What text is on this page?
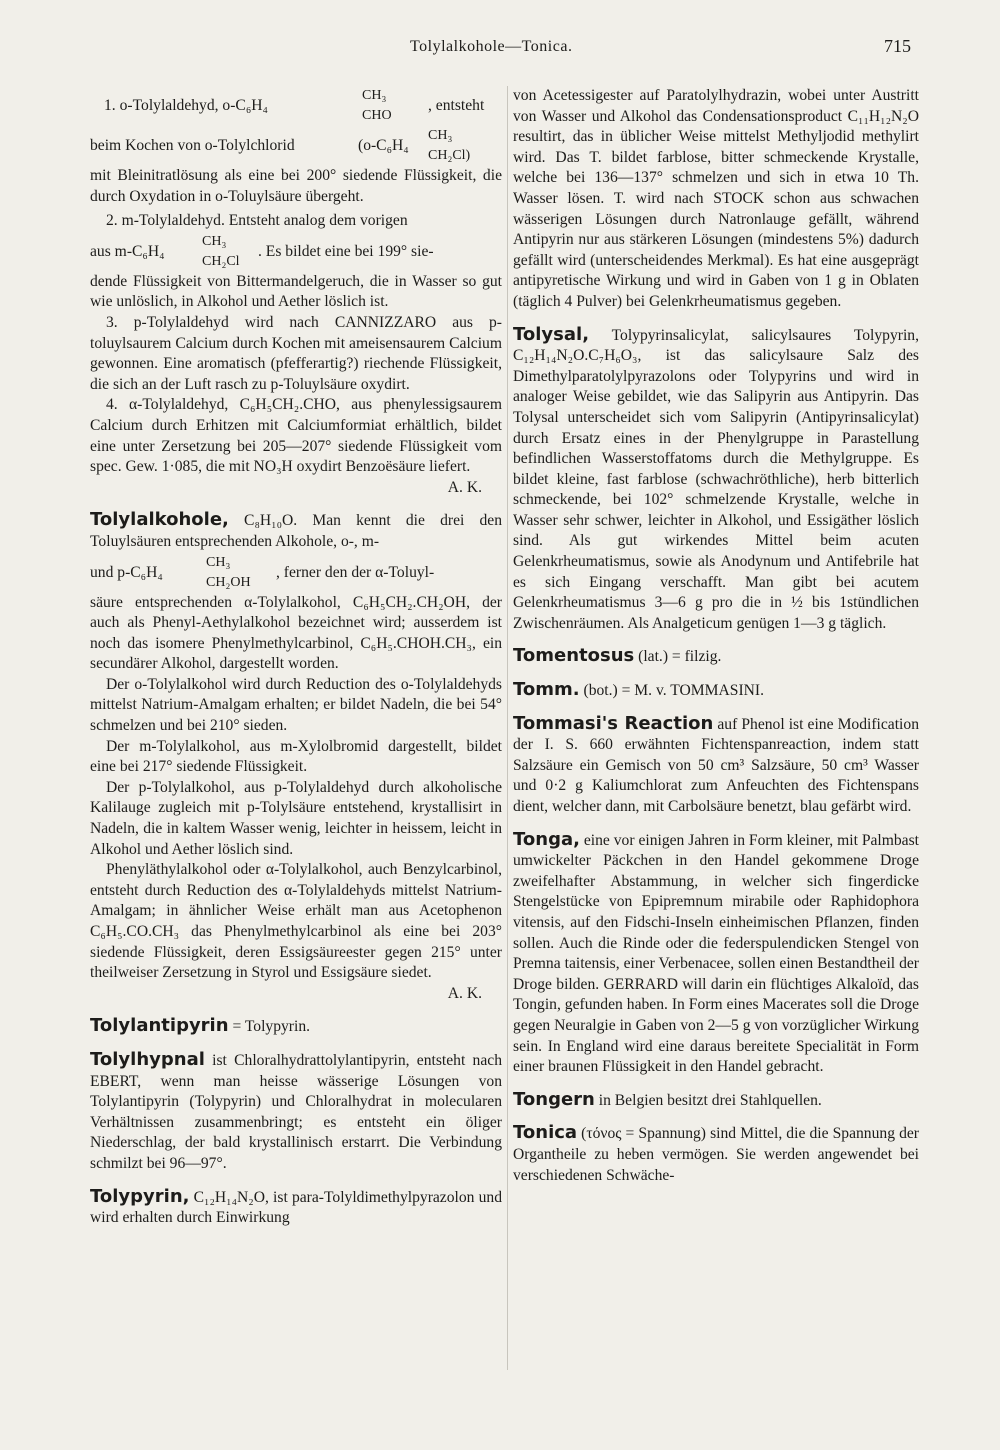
Tolylalkohole—Tonica.	715
1. o-Tolylaldehyd, o-C₆H₄
CH₃
CHO
, entsteht
beim Kochen von o-Tolylchlorid	(o-C₆H₄
CH₃
CH₂Cl)

mit Bleinitratlösung als eine bei 200° siedende Flüssigkeit, die durch Oxydation in o-Toluylsäure übergeht.

2. m-Tolylaldehyd. Entsteht analog dem vorigen

aus m-C₆H₄
CH₃
CH₂Cl
. Es bildet eine bei 199° sie-

dende Flüssigkeit von Bittermandelgeruch, die in Wasser so gut wie unlöslich, in Alkohol und Aether löslich ist.

3. p-Tolylaldehyd wird nach CANNIZZARO aus p-toluylsaurem Calcium durch Kochen mit ameisensaurem Calcium gewonnen. Eine aromatisch (pfefferartig?) riechende Flüssigkeit, die sich an der Luft rasch zu p-Toluylsäure oxydirt.

4. α-Tolylaldehyd, C₆H₅CH₂.CHO, aus phenylessigsaurem Calcium durch Erhitzen mit Calciumformiat erhältlich, bildet eine unter Zersetzung bei 205—207° siedende Flüssigkeit vom spec. Gew. 1·085, die mit NO₃H oxydirt Benzoësäure liefert.

A. K.

Tolylalkohole, C₈H₁₀O. Man kennt die drei den Toluylsäuren entsprechenden Alkohole, o-, m-

und p-C₆H₄
CH₃
CH₂OH
, ferner den der α-Toluyl-

säure entsprechenden α-Tolylalkohol, C₆H₅CH₂.CH₂OH, der auch als Phenyl-Aethylalkohol bezeichnet wird; ausserdem ist noch das isomere Phenylmethylcarbinol, C₆H₅.CHOH.CH₃, ein secundärer Alkohol, dargestellt worden.

Der o-Tolylalkohol wird durch Reduction des o-Tolylaldehyds mittelst Natrium-Amalgam erhalten; er bildet Nadeln, die bei 54° schmelzen und bei 210° sieden.

Der m-Tolylalkohol, aus m-Xylolbromid dargestellt, bildet eine bei 217° siedende Flüssigkeit.

Der p-Tolylalkohol, aus p-Tolylaldehyd durch alkoholische Kalilauge zugleich mit p-Tolylsäure entstehend, krystallisirt in Nadeln, die in kaltem Wasser wenig, leichter in heissem, leicht in Alkohol und Aether löslich sind.

Phenyläthylalkohol oder α-Tolylalkohol, auch Benzylcarbinol, entsteht durch Reduction des α-Tolylaldehyds mittelst Natrium-Amalgam; in ähnlicher Weise erhält man aus Acetophenon C₆H₅.CO.CH₃ das Phenylmethylcarbinol als eine bei 203° siedende Flüssigkeit, deren Essigsäureester gegen 215° unter theilweiser Zersetzung in Styrol und Essigsäure siedet.

A. K.

Tolylantipyrin = Tolypyrin.

Tolylhypnal ist Chloralhydrattolylantipyrin, entsteht nach EBERT, wenn man heisse wässerige Lösungen von Tolylantipyrin (Tolypyrin) und Chloralhydrat in molecularen Verhältnissen zusammenbringt; es entsteht ein öliger Niederschlag, der bald krystallinisch erstarrt. Die Verbindung schmilzt bei 96—97°.

Tolypyrin, C₁₂H₁₄N₂O, ist para-Tolyldimethylpyrazolon und wird erhalten durch Einwirkung

von Acetessigester auf Paratolylhydrazin, wobei unter Austritt von Wasser und Alkohol das Condensationsproduct C₁₁H₁₂N₂O resultirt, das in üblicher Weise mittelst Methyljodid methylirt wird. Das T. bildet farblose, bitter schmeckende Krystalle, welche bei 136—137° schmelzen und sich in etwa 10 Th. Wasser lösen. T. wird nach STOCK schon aus schwachen wässerigen Lösungen durch Natronlauge gefällt, während Antipyrin nur aus stärkeren Lösungen (mindestens 5%) dadurch gefällt wird (unterscheidendes Merkmal). Es hat eine ausgeprägt antipyretische Wirkung und wird in Gaben von 1 g in Oblaten (täglich 4 Pulver) bei Gelenkrheumatismus gegeben.

Tolysal, Tolypyrinsalicylat, salicylsaures Tolypyrin, C₁₂H₁₄N₂O.C₇H₆O₃, ist das salicylsaure Salz des Dimethylparatolylpyrazolons oder Tolypyrins und wird in analoger Weise gebildet, wie das Salipyrin aus Antipyrin. Das Tolysal unterscheidet sich vom Salipyrin (Antipyrinsalicylat) durch Ersatz eines in der Phenylgruppe in Parastellung befindlichen Wasserstoffatoms durch die Methylgruppe. Es bildet kleine, fast farblose (schwachröthliche), herb bitterlich schmeckende, bei 102° schmelzende Krystalle, welche in Wasser sehr schwer, leichter in Alkohol, und Essigäther löslich sind. Als gut wirkendes Mittel beim acuten Gelenkrheumatismus, sowie als Anodynum und Antifebrile hat es sich Eingang verschafft. Man gibt bei acutem Gelenkrheumatismus 3—6 g pro die in ½ bis 1stündlichen Zwischenräumen. Als Analgeticum genügen 1—3 g täglich.

Tomentosus (lat.) = filzig.

Tomm. (bot.) = M. v. TOMMASINI.

Tommasi's Reaction auf Phenol ist eine Modification der I. S. 660 erwähnten Fichtenspanreaction, indem statt Salzsäure ein Gemisch von 50 cm³ Salzsäure, 50 cm³ Wasser und 0·2 g Kaliumchlorat zum Anfeuchten des Fichtenspans dient, welcher dann, mit Carbolsäure benetzt, blau gefärbt wird.

Tonga, eine vor einigen Jahren in Form kleiner, mit Palmbast umwickelter Päckchen in den Handel gekommene Droge zweifelhafter Abstammung, in welcher sich fingerdicke Stengelstücke von Epipremnum mirabile oder Raphidophora vitensis, auf den Fidschi-Inseln einheimischen Pflanzen, finden sollen. Auch die Rinde oder die federspulendicken Stengel von Premna taitensis, einer Verbenacee, sollen einen Bestandtheil der Droge bilden. GERRARD will darin ein flüchtiges Alkaloïd, das Tongin, gefunden haben. In Form eines Macerates soll die Droge gegen Neuralgie in Gaben von 2—5 g von vorzüglicher Wirkung sein. In England wird eine daraus bereitete Specialität in Form einer braunen Flüssigkeit in den Handel gebracht.

Tongern in Belgien besitzt drei Stahlquellen.

Tonica (τόνος = Spannung) sind Mittel, die die Spannung der Organtheile zu heben vermögen. Sie werden angewendet bei verschiedenen Schwäche-
